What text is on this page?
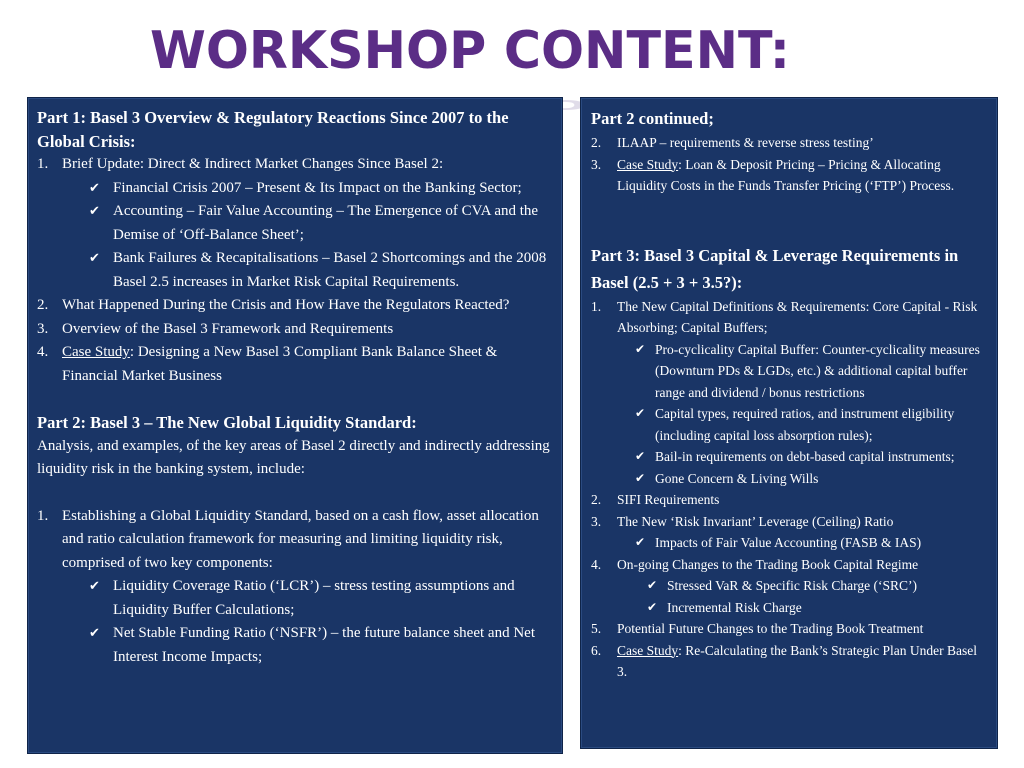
WORKSHOP CONTENT:
Part 1: Basel 3 Overview & Regulatory Reactions Since 2007 to the Global Crisis:
1. Brief Update: Direct & Indirect Market Changes Since Basel 2:
✔ Financial Crisis 2007 – Present & Its Impact on the Banking Sector;
✔ Accounting – Fair Value Accounting – The Emergence of CVA and the Demise of ‘Off-Balance Sheet’;
✔ Bank Failures & Recapitalisations – Basel 2 Shortcomings and the 2008 Basel 2.5 increases in Market Risk Capital Requirements.
2. What Happened During the Crisis and How Have the Regulators Reacted?
3. Overview of the Basel 3 Framework and Requirements
4. Case Study: Designing a New Basel 3 Compliant Bank Balance Sheet & Financial Market Business
Part 2: Basel 3 – The New Global Liquidity Standard:
Analysis, and examples, of the key areas of Basel 2 directly and indirectly addressing liquidity risk in the banking system, include:
1. Establishing a Global Liquidity Standard, based on a cash flow, asset allocation and ratio calculation framework for measuring and limiting liquidity risk, comprised of two key components:
✔ Liquidity Coverage Ratio (‘LCR’) – stress testing assumptions and Liquidity Buffer Calculations;
✔ Net Stable Funding Ratio (‘NSFR’) – the future balance sheet and Net Interest Income Impacts;
Part 2 continued;
2.	ILAAP – requirements & reverse stress testing’
3.	Case Study: Loan & Deposit Pricing – Pricing & Allocating Liquidity Costs in the Funds Transfer Pricing (‘FTP’) Process.
Part 3: Basel 3 Capital & Leverage Requirements in Basel (2.5 + 3 + 3.5?):
1.	The New Capital Definitions & Requirements: Core Capital - Risk Absorbing; Capital Buffers;
✔ Pro-cyclicality Capital Buffer: Counter-cyclicality measures (Downturn PDs & LGDs, etc.) & additional capital buffer range and dividend / bonus restrictions
✔ Capital types, required ratios, and instrument eligibility (including capital loss absorption rules);
✔ Bail-in requirements on debt-based capital instruments;
✔ Gone Concern & Living Wills
2.	SIFI Requirements
3.	The New ‘Risk Invariant’ Leverage (Ceiling) Ratio
✔ Impacts of Fair Value Accounting (FASB & IAS)
4.	On-going Changes to the Trading Book Capital Regime
✔ Stressed VaR & Specific Risk Charge (‘SRC’)
✔ Incremental Risk Charge
5.	Potential Future Changes to the Trading Book Treatment
6.	Case Study: Re-Calculating the Bank’s Strategic Plan Under Basel 3.
